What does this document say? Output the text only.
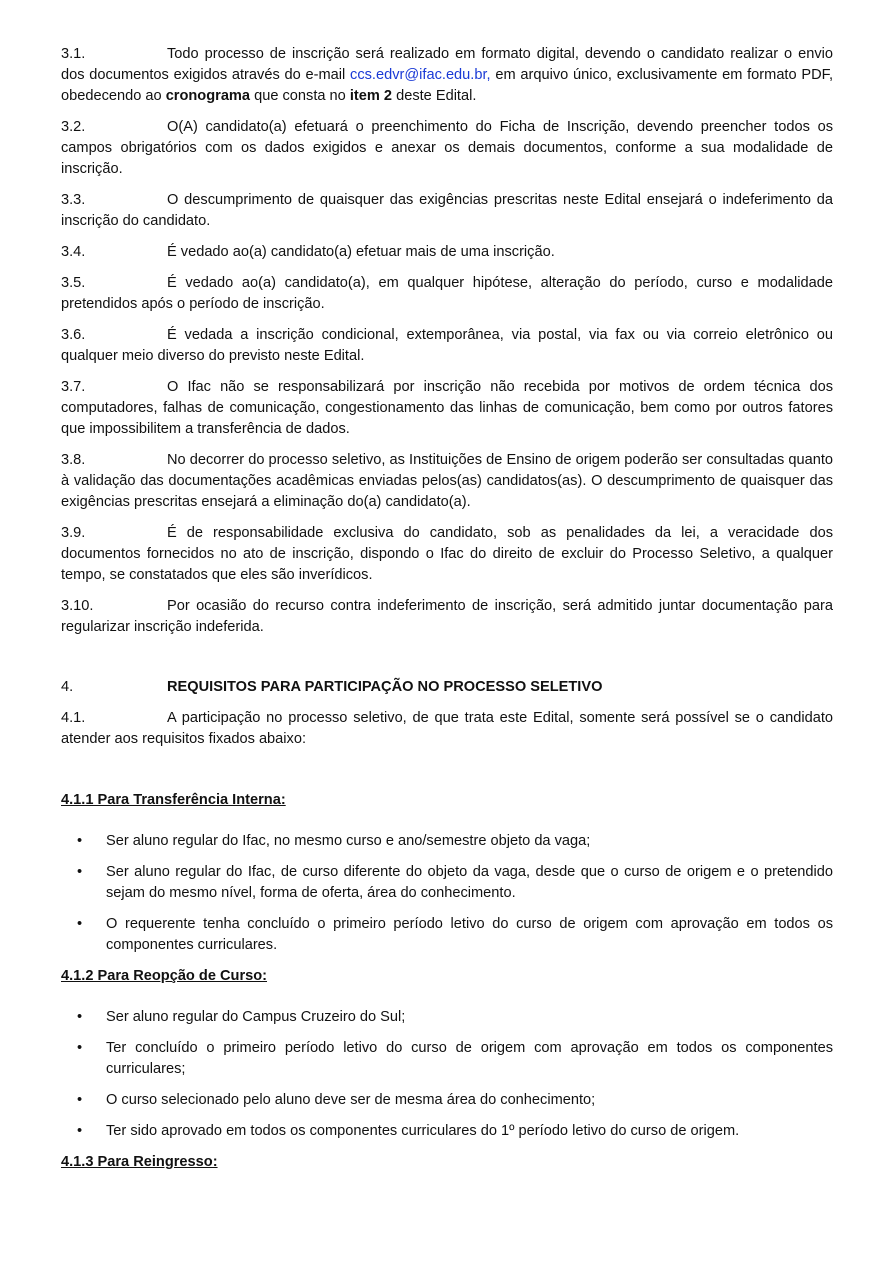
3.1.	Todo processo de inscrição será realizado em formato digital, devendo o candidato realizar o envio dos documentos exigidos através do e-mail ccs.edvr@ifac.edu.br, em arquivo único, exclusivamente em formato PDF, obedecendo ao cronograma que consta no item 2 deste Edital.

3.2.	O(A) candidato(a) efetuará o preenchimento do Ficha de Inscrição, devendo preencher todos os campos obrigatórios com os dados exigidos e anexar os demais documentos, conforme a sua modalidade de inscrição.

3.3.	O descumprimento de quaisquer das exigências prescritas neste Edital ensejará o indeferimento da inscrição do candidato.

3.4.	É vedado ao(a) candidato(a) efetuar mais de uma inscrição.

3.5.	É vedado ao(a) candidato(a), em qualquer hipótese, alteração do período, curso e modalidade pretendidos após o período de inscrição.

3.6.	É vedada a inscrição condicional, extemporânea, via postal, via fax ou via correio eletrônico ou qualquer meio diverso do previsto neste Edital.

3.7.	O Ifac não se responsabilizará por inscrição não recebida por motivos de ordem técnica dos computadores, falhas de comunicação, congestionamento das linhas de comunicação, bem como por outros fatores que impossibilitem a transferência de dados.

3.8.	No decorrer do processo seletivo, as Instituições de Ensino de origem poderão ser consultadas quanto à validação das documentações acadêmicas enviadas pelos(as) candidatos(as). O descumprimento de quaisquer das exigências prescritas ensejará a eliminação do(a) candidato(a).

3.9.	É de responsabilidade exclusiva do candidato, sob as penalidades da lei, a veracidade dos documentos fornecidos no ato de inscrição, dispondo o Ifac do direito de excluir do Processo Seletivo, a qualquer tempo, se constatados que eles são inverídicos.

3.10.	Por ocasião do recurso contra indeferimento de inscrição, será admitido juntar documentação para regularizar inscrição indeferida.

4.	REQUISITOS PARA PARTICIPAÇÃO NO PROCESSO SELETIVO

4.1.	A participação no processo seletivo, de que trata este Edital, somente será possível se o candidato atender aos requisitos fixados abaixo:

4.1.1 Para Transferência Interna:
• Ser aluno regular do Ifac, no mesmo curso e ano/semestre objeto da vaga;
• Ser aluno regular do Ifac, de curso diferente do objeto da vaga, desde que o curso de origem e o pretendido sejam do mesmo nível, forma de oferta, área do conhecimento.
• O requerente tenha concluído o primeiro período letivo do curso de origem com aprovação em todos os componentes curriculares.
4.1.2 Para Reopção de Curso:
• Ser aluno regular do Campus Cruzeiro do Sul;
• Ter concluído o primeiro período letivo do curso de origem com aprovação em todos os componentes curriculares;
• O curso selecionado pelo aluno deve ser de mesma área do conhecimento;
• Ter sido aprovado em todos os componentes curriculares do 1º período letivo do curso de origem.
4.1.3 Para Reingresso:
